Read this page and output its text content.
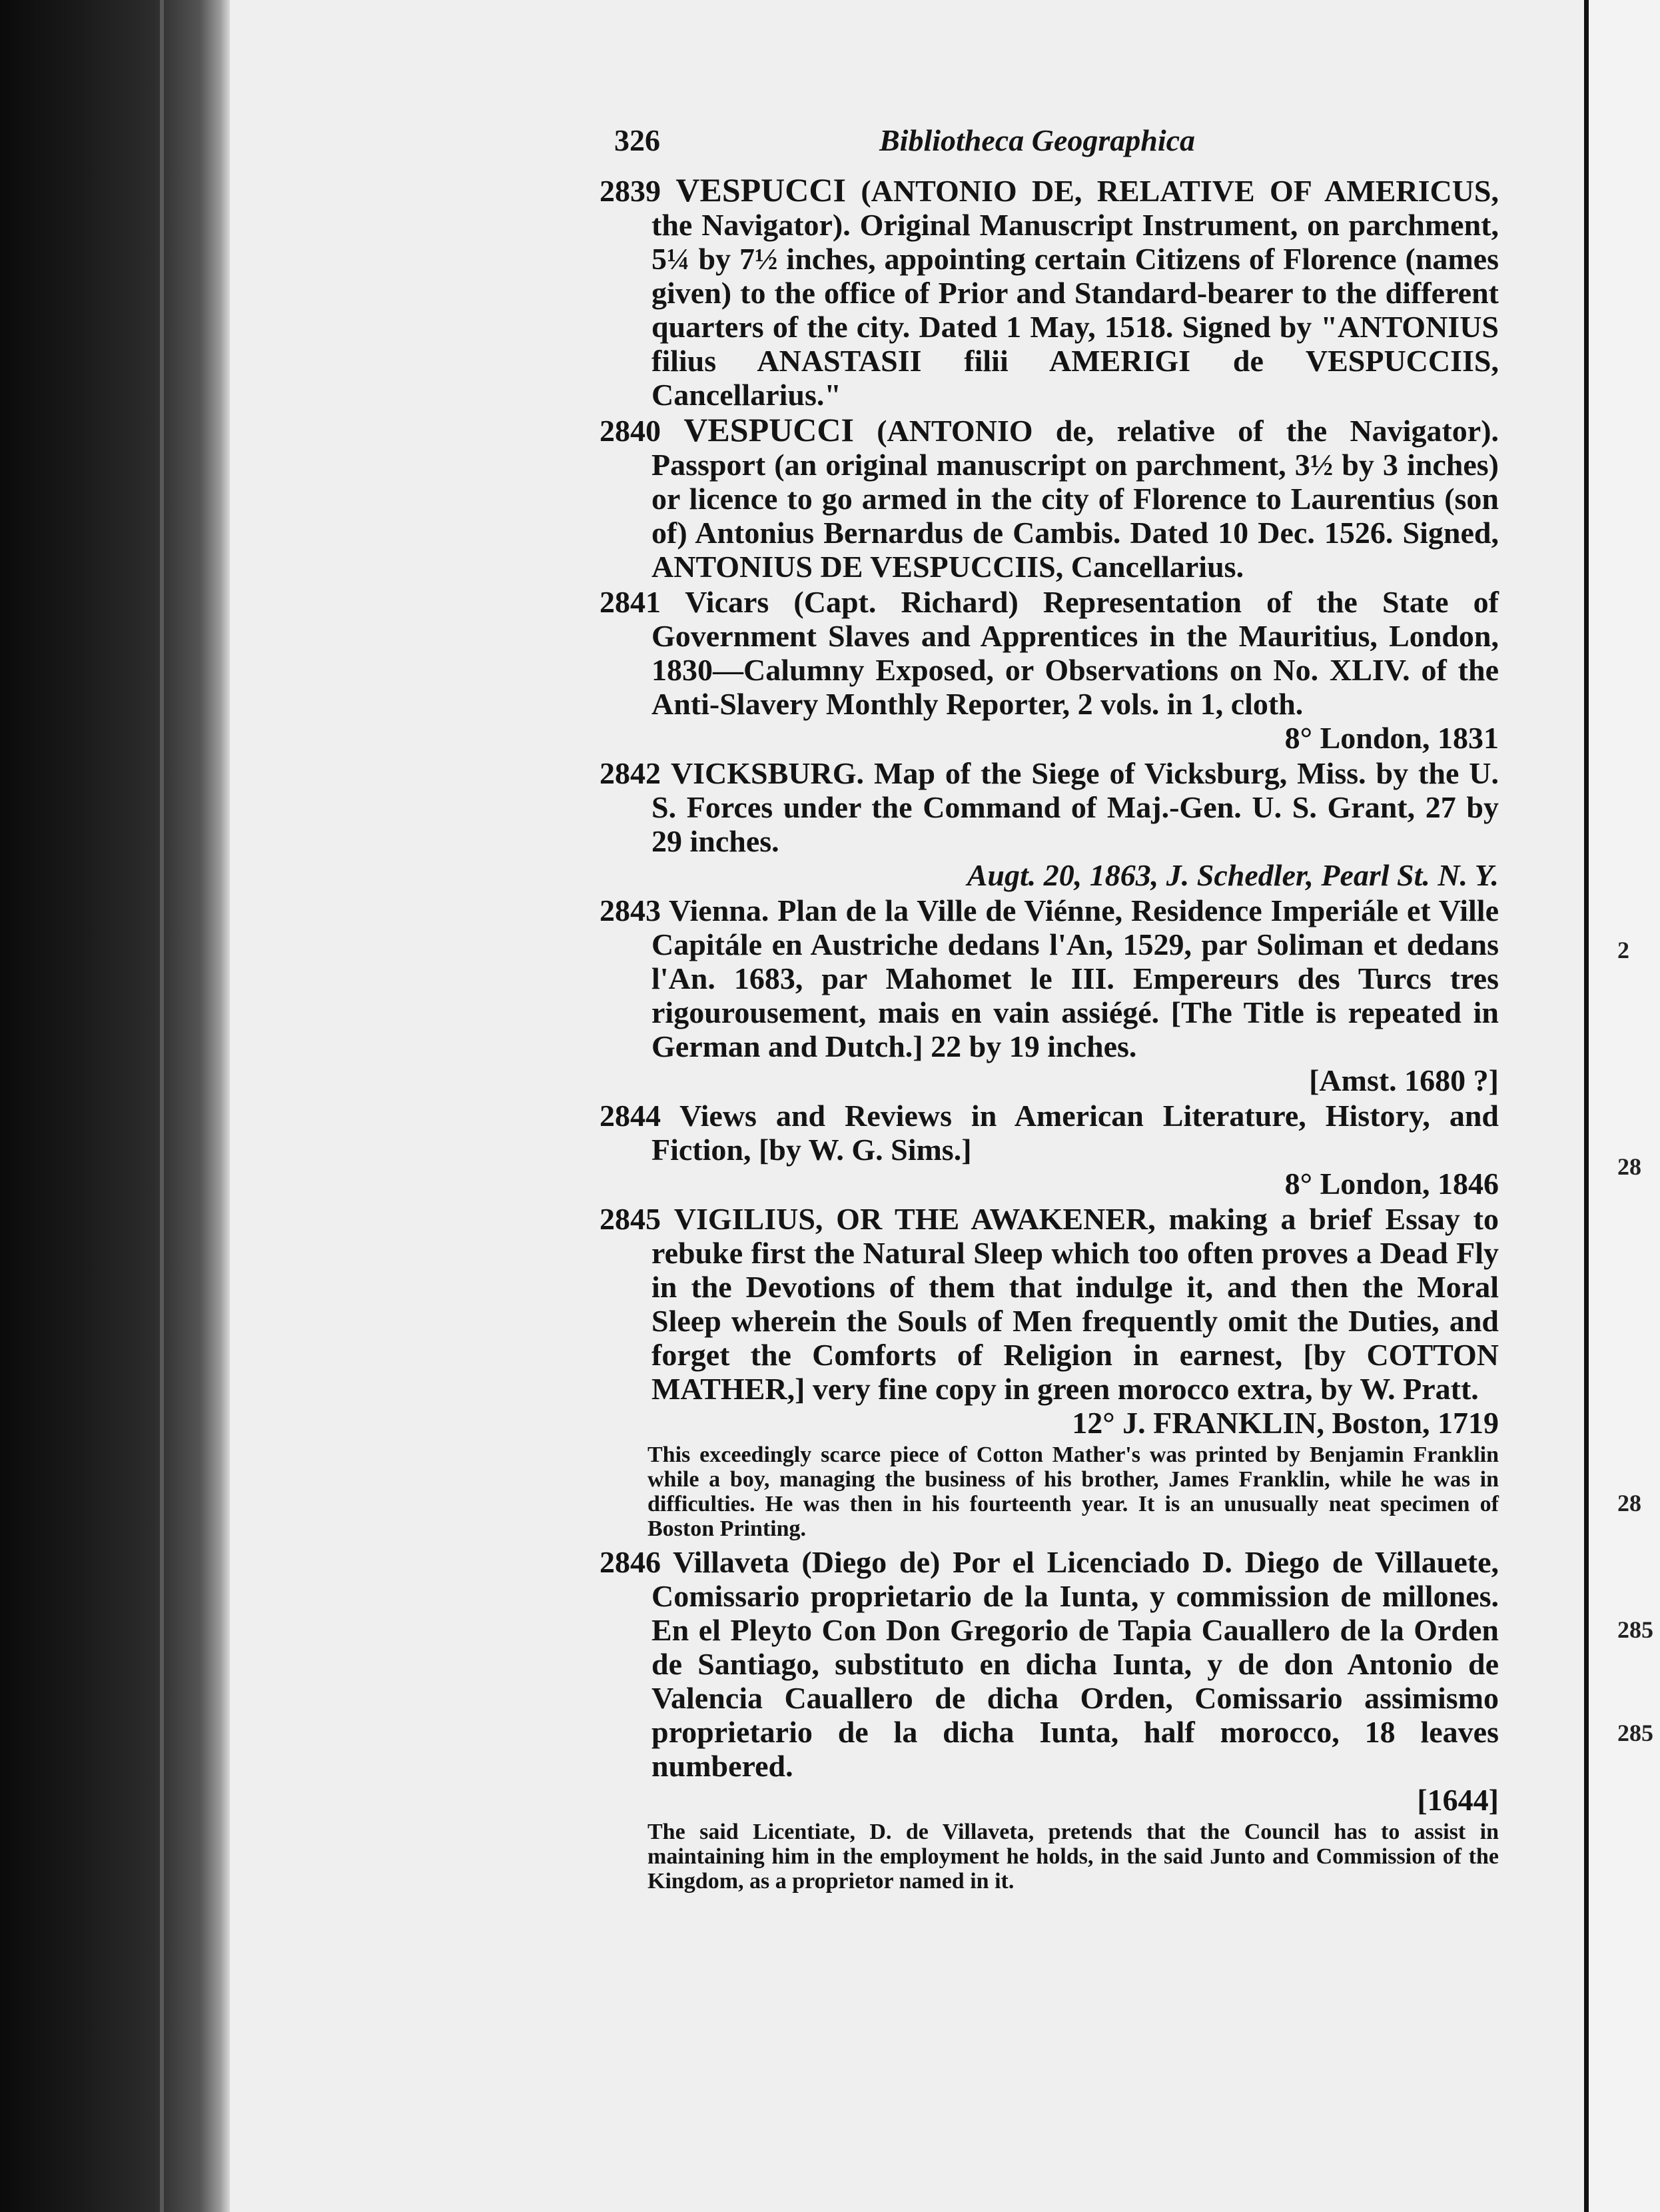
2
28
28
285
285
326	Bibliotheca Geographica
2839 VESPUCCI (ANTONIO DE, RELATIVE OF AMERICUS, the Navigator). Original Manuscript Instrument, on parchment, 5¼ by 7½ inches, appointing certain Citizens of Florence (names given) to the office of Prior and Standard-bearer to the different quarters of the city. Dated 1 May, 1518. Signed by "ANTONIUS filius ANASTASII filii AMERIGI de VESPUCCIIS, Cancellarius."
2840 VESPUCCI (ANTONIO de, relative of the Navigator). Passport (an original manuscript on parchment, 3½ by 3 inches) or licence to go armed in the city of Florence to Laurentius (son of) Antonius Bernardus de Cambis. Dated 10 Dec. 1526. Signed, ANTONIUS DE VESPUCCIIS, Cancellarius.
2841 Vicars (Capt. Richard) Representation of the State of Government Slaves and Apprentices in the Mauritius, London, 1830—Calumny Exposed, or Observations on No. XLIV. of the Anti-Slavery Monthly Reporter, 2 vols. in 1, cloth.
8° London, 1831
2842 VICKSBURG. Map of the Siege of Vicksburg, Miss. by the U. S. Forces under the Command of Maj.-Gen. U. S. Grant, 27 by 29 inches.
Augt. 20, 1863, J. Schedler, Pearl St. N. Y.
2843 Vienna. Plan de la Ville de Viénne, Residence Imperiále et Ville Capitále en Austriche dedans l'An, 1529, par Soliman et dedans l'An. 1683, par Mahomet le III. Empereurs des Turcs tres rigourousement, mais en vain assiégé. [The Title is repeated in German and Dutch.] 22 by 19 inches.
[Amst. 1680 ?]
2844 Views and Reviews in American Literature, History, and Fiction, [by W. G. Sims.]
8° London, 1846
2845 VIGILIUS, OR THE AWAKENER, making a brief Essay to rebuke first the Natural Sleep which too often proves a Dead Fly in the Devotions of them that indulge it, and then the Moral Sleep wherein the Souls of Men frequently omit the Duties, and forget the Comforts of Religion in earnest, [by COTTON MATHER,] very fine copy in green morocco extra, by W. Pratt.
12° J. FRANKLIN, Boston, 1719
This exceedingly scarce piece of Cotton Mather's was printed by Benjamin Franklin while a boy, managing the business of his brother, James Franklin, while he was in difficulties. He was then in his fourteenth year. It is an unusually neat specimen of Boston Printing.
2846 Villaveta (Diego de) Por el Licenciado D. Diego de Villauete, Comissario proprietario de la Iunta, y commission de millones. En el Pleyto Con Don Gregorio de Tapia Cauallero de la Orden de Santiago, substituto en dicha Iunta, y de don Antonio de Valencia Cauallero de dicha Orden, Comissario assimismo proprietario de la dicha Iunta, half morocco, 18 leaves numbered.
[1644]
The said Licentiate, D. de Villaveta, pretends that the Council has to assist in maintaining him in the employment he holds, in the said Junto and Commission of the Kingdom, as a proprietor named in it.
